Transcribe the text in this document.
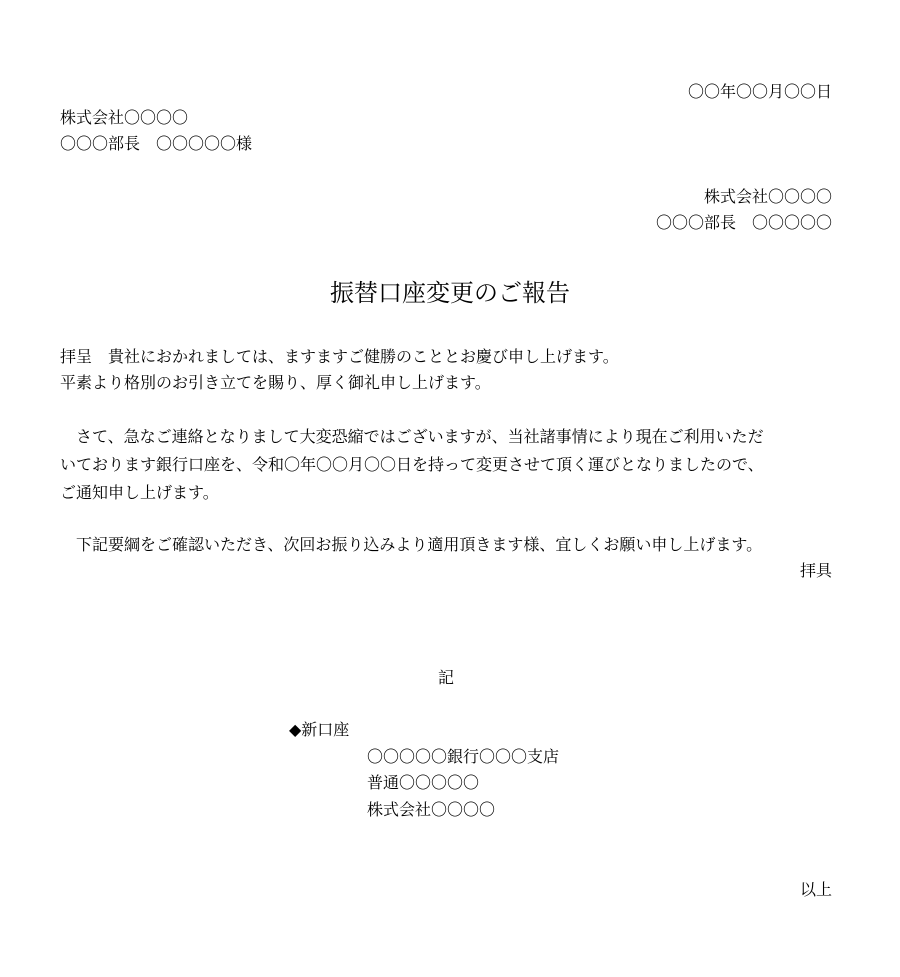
〇〇年〇〇月〇〇日

株式会社〇〇〇〇

〇〇〇部長　〇〇〇〇〇様

株式会社〇〇〇〇

〇〇〇部長　〇〇〇〇〇

振替口座変更のご報告

拝呈　貴社におかれましては、ますますご健勝のこととお慶び申し上げます。

平素より格別のお引き立てを賜り、厚く御礼申し上げます。

　さて、急なご連絡となりまして大変恐縮ではございますが、当社諸事情により現在ご利用いただ

いております銀行口座を、令和〇年〇〇月〇〇日を持って変更させて頂く運びとなりましたので、

ご通知申し上げます。

　下記要綱をご確認いただき、次回お振り込みより適用頂きます様、宜しくお願い申し上げます。

拝具

記

◆新口座

〇〇〇〇〇銀行〇〇〇支店

普通〇〇〇〇〇

株式会社〇〇〇〇

以上
